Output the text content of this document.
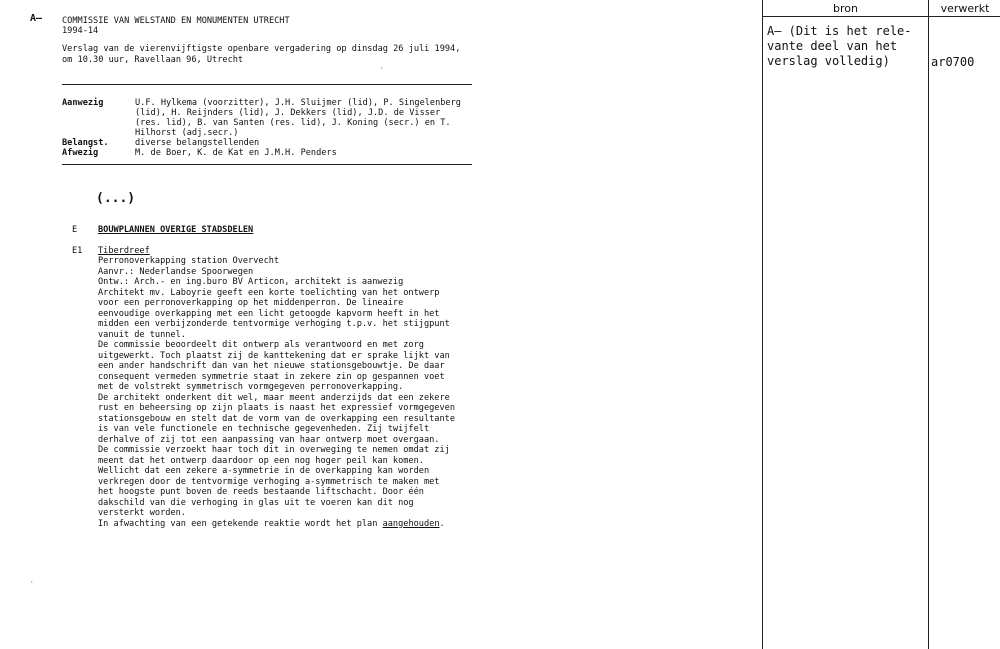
A— COMMISSIE VAN WELSTAND EN MONUMENTEN UTRECHT
1994-14
Verslag van de vierenvijftigste openbare vergadering op dinsdag 26 juli 1994,
om 10.30 uur, Ravellaan 96, Utrecht
·
Aanwezig	U.F. Hylkema (voorzitter), J.H. Sluijmer (lid), P. Singelenberg
(lid), H. Reijnders (lid), J. Dekkers (lid), J.D. de Visser
(res. lid), B. van Santen (res. lid), J. Koning (secr.) en T.
Hilhorst (adj.secr.)
Belangst.	diverse belangstellenden
Afwezig	M. de Boer, K. de Kat en J.M.H. Penders
(...)
E BOUWPLANNEN OVERIGE STADSDELEN
E1 Tiberdreef
Perronoverkapping station Overvecht
Aanvr.: Nederlandse Spoorwegen
Ontw.: Arch.- en ing.buro BV Articon, architekt is aanwezig
Architekt mv. Laboyrie geeft een korte toelichting van het ontwerp
voor een perronoverkapping op het middenperron. De lineaire
eenvoudige overkapping met een licht getoogde kapvorm heeft in het
midden een verbijzonderde tentvormige verhoging t.p.v. het stijgpunt
vanuit de tunnel.
De commissie beoordeelt dit ontwerp als verantwoord en met zorg
uitgewerkt. Toch plaatst zij de kanttekening dat er sprake lijkt van
een ander handschrift dan van het nieuwe stationsgebouwtje. De daar
consequent vermeden symmetrie staat in zekere zin op gespannen voet
met de volstrekt symmetrisch vormgegeven perronoverkapping.
De architekt onderkent dit wel, maar meent anderzijds dat een zekere
rust en beheersing op zijn plaats is naast het expressief vormgegeven
stationsgebouw en stelt dat de vorm van de overkapping een resultante
is van vele functionele en technische gegevenheden. Zij twijfelt
derhalve of zij tot een aanpassing van haar ontwerp moet overgaan.
De commissie verzoekt haar toch dit in overweging te nemen omdat zij
meent dat het ontwerp daardoor op een nog hoger peil kan komen.
Wellicht dat een zekere a-symmetrie in de overkapping kan worden
verkregen door de tentvormige verhoging a-symmetrisch te maken met
het hoogste punt boven de reeds bestaande liftschacht. Door één
dakschild van die verhoging in glas uit te voeren kan dit nog
versterkt worden.
In afwachting van een getekende reaktie wordt het plan aangehouden.
·
bron	verwerkt
A— (Dit is het rele-
vante deel van het
verslag volledig)	ar0700
